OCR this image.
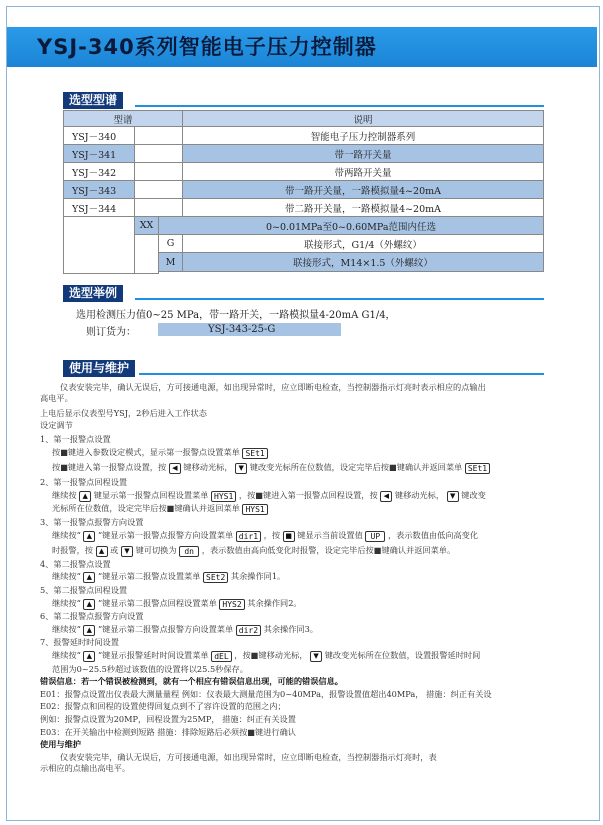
YSJ-340系列智能电子压力控制器
选型型谱
型谱	说明
YSJ－340	智能电子压力控制器系列
YSJ－341	带一路开关量
YSJ－342	带两路开关量
YSJ－343	带一路开关量，一路模拟量4~20mA
YSJ－344	带二路开关量，一路模拟量4~20mA
XX	0~0.01MPa至0~0.60MPa范围内任选
G	联接形式，G1/4（外螺纹）
M	联接形式，M14×1.5（外螺纹）
选型举例
选用检测压力值0~25 MPa，带一路开关，一路模拟量4-20mA G1/4，
则订货为：	YSJ-343-25-G
使用与维护
仪表安装完毕，确认无误后，方可接通电源，如出现异常时，应立即断电检查，当控制器指示灯亮时表示相应的点输出
高电平。
上电后显示仪表型号YSJ，2秒后进入工作状态
设定调节
1、第一报警点设置
按■键进入参数设定模式，显示第一报警点设置菜单 SEt1
按■键进入第一报警点设置，按 ◀ 键移动光标， ▼ 键改变光标所在位数值，设定完毕后按■键确认并返回菜单 SEt1
2、第一报警点回程设置
继续按 ▲ 键显示第一报警点回程设置菜单 HYS1 ，按■键进入第一报警点回程设置，按 ◀ 键移动光标， ▼ 键改变
光标所在位数值，设定完毕后按■键确认并返回菜单 HYS1
3、第一报警点报警方向设置
继续按“ ▲ ”键显示第一报警点报警方向设置菜单 dir1 ，按 ■ 键显示当前设置值 UP ，表示数值由低向高变化
时报警，按 ▲ 或 ▼ 键可切换为 dn ，表示数值由高向低变化时报警，设定完毕后按■键确认并返回菜单。
4、第二报警点设置
继续按“ ▲ ”键显示第二报警点设置菜单 SEt2 其余操作同1。
5、第二报警点回程设置
继续按“ ▲ ”键显示第二报警点回程设置菜单 HYS2 其余操作同2。
6、第二报警点报警方向设置
继续按“ ▲ ”键显示第二报警点报警方向设置菜单 dir2 其余操作同3。
7、报警延时时间设置
继续按“ ▲ ”键显示报警延时时间设置菜单 dEL ，按■键移动光标， ▼ 键改变光标所在位数值，设置报警延时时间
范围为0~25.5秒超过该数值的设置将以25.5秒保存。
错误信息：若一个错误被检测到，就有一个相应有错误信息出现，可能的错误信息。
E01：报警点设置出仪表最大测量量程 例如：仪表最大测量范围为0~40MPa，报警设置值超出40MPa， 措施：纠正有关设
E02：报警点和回程的设置使得回复点到不了容许设置的范围之内；
例如：报警点设置为20MP，回程设置为25MP， 措施：纠正有关设置
E03：在开关输出中检测到短路 措施：排除短路后必须按■键进行确认
使用与维护
仪表安装完毕，确认无误后，方可接通电源，如出现异常时，应立即断电检查，当控制器指示灯亮时，表
示相应的点输出高电平。
